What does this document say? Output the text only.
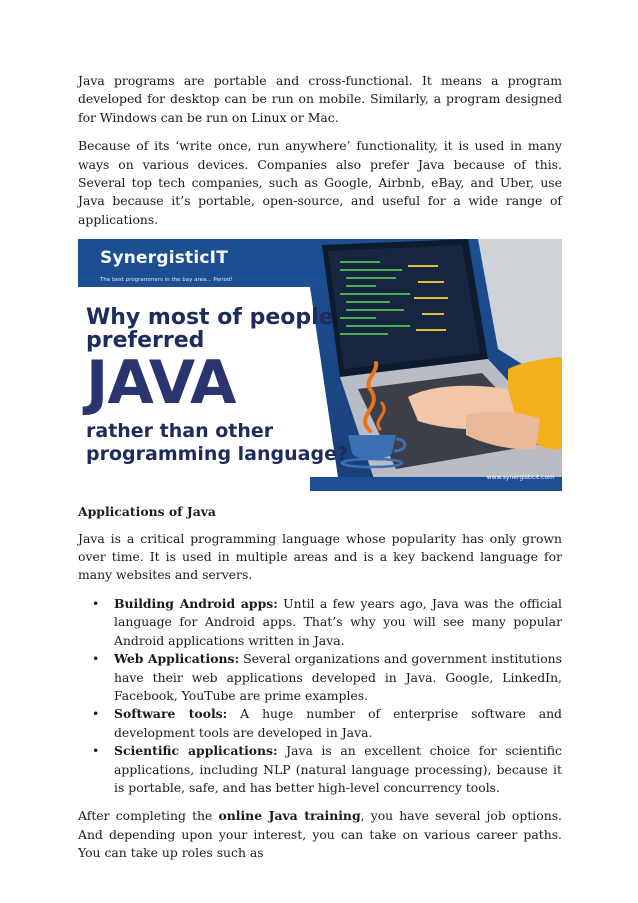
Java programs are portable and cross-functional. It means a program developed for desktop can be run on mobile. Similarly, a program designed for Windows can be run on Linux or Mac.

Because of its ‘write once, run anywhere’ functionality, it is used in many ways on various devices. Companies also prefer Java because of this. Several top tech companies, such as Google, Airbnb, eBay, and Uber, use Java because it’s portable, open-source, and useful for a wide range of applications.

SynergisticIT
The best programmers in the bay area... Period!
Why most of people
preferred
JAVA
rather than other
programming language?
www.synergisticit.com

Applications of Java

Java is a critical programming language whose popularity has only grown over time. It is used in multiple areas and is a key backend language for many websites and servers.

• Building Android apps: Until a few years ago, Java was the official language for Android apps. That’s why you will see many popular Android applications written in Java.
• Web Applications: Several organizations and government institutions have their web applications developed in Java. Google, LinkedIn, Facebook, YouTube are prime examples.
• Software tools: A huge number of enterprise software and development tools are developed in Java.
• Scientific applications: Java is an excellent choice for scientific applications, including NLP (natural language processing), because it is portable, safe, and has better high-level concurrency tools.

After completing the online Java training, you have several job options. And depending upon your interest, you can take on various career paths. You can take up roles such as
